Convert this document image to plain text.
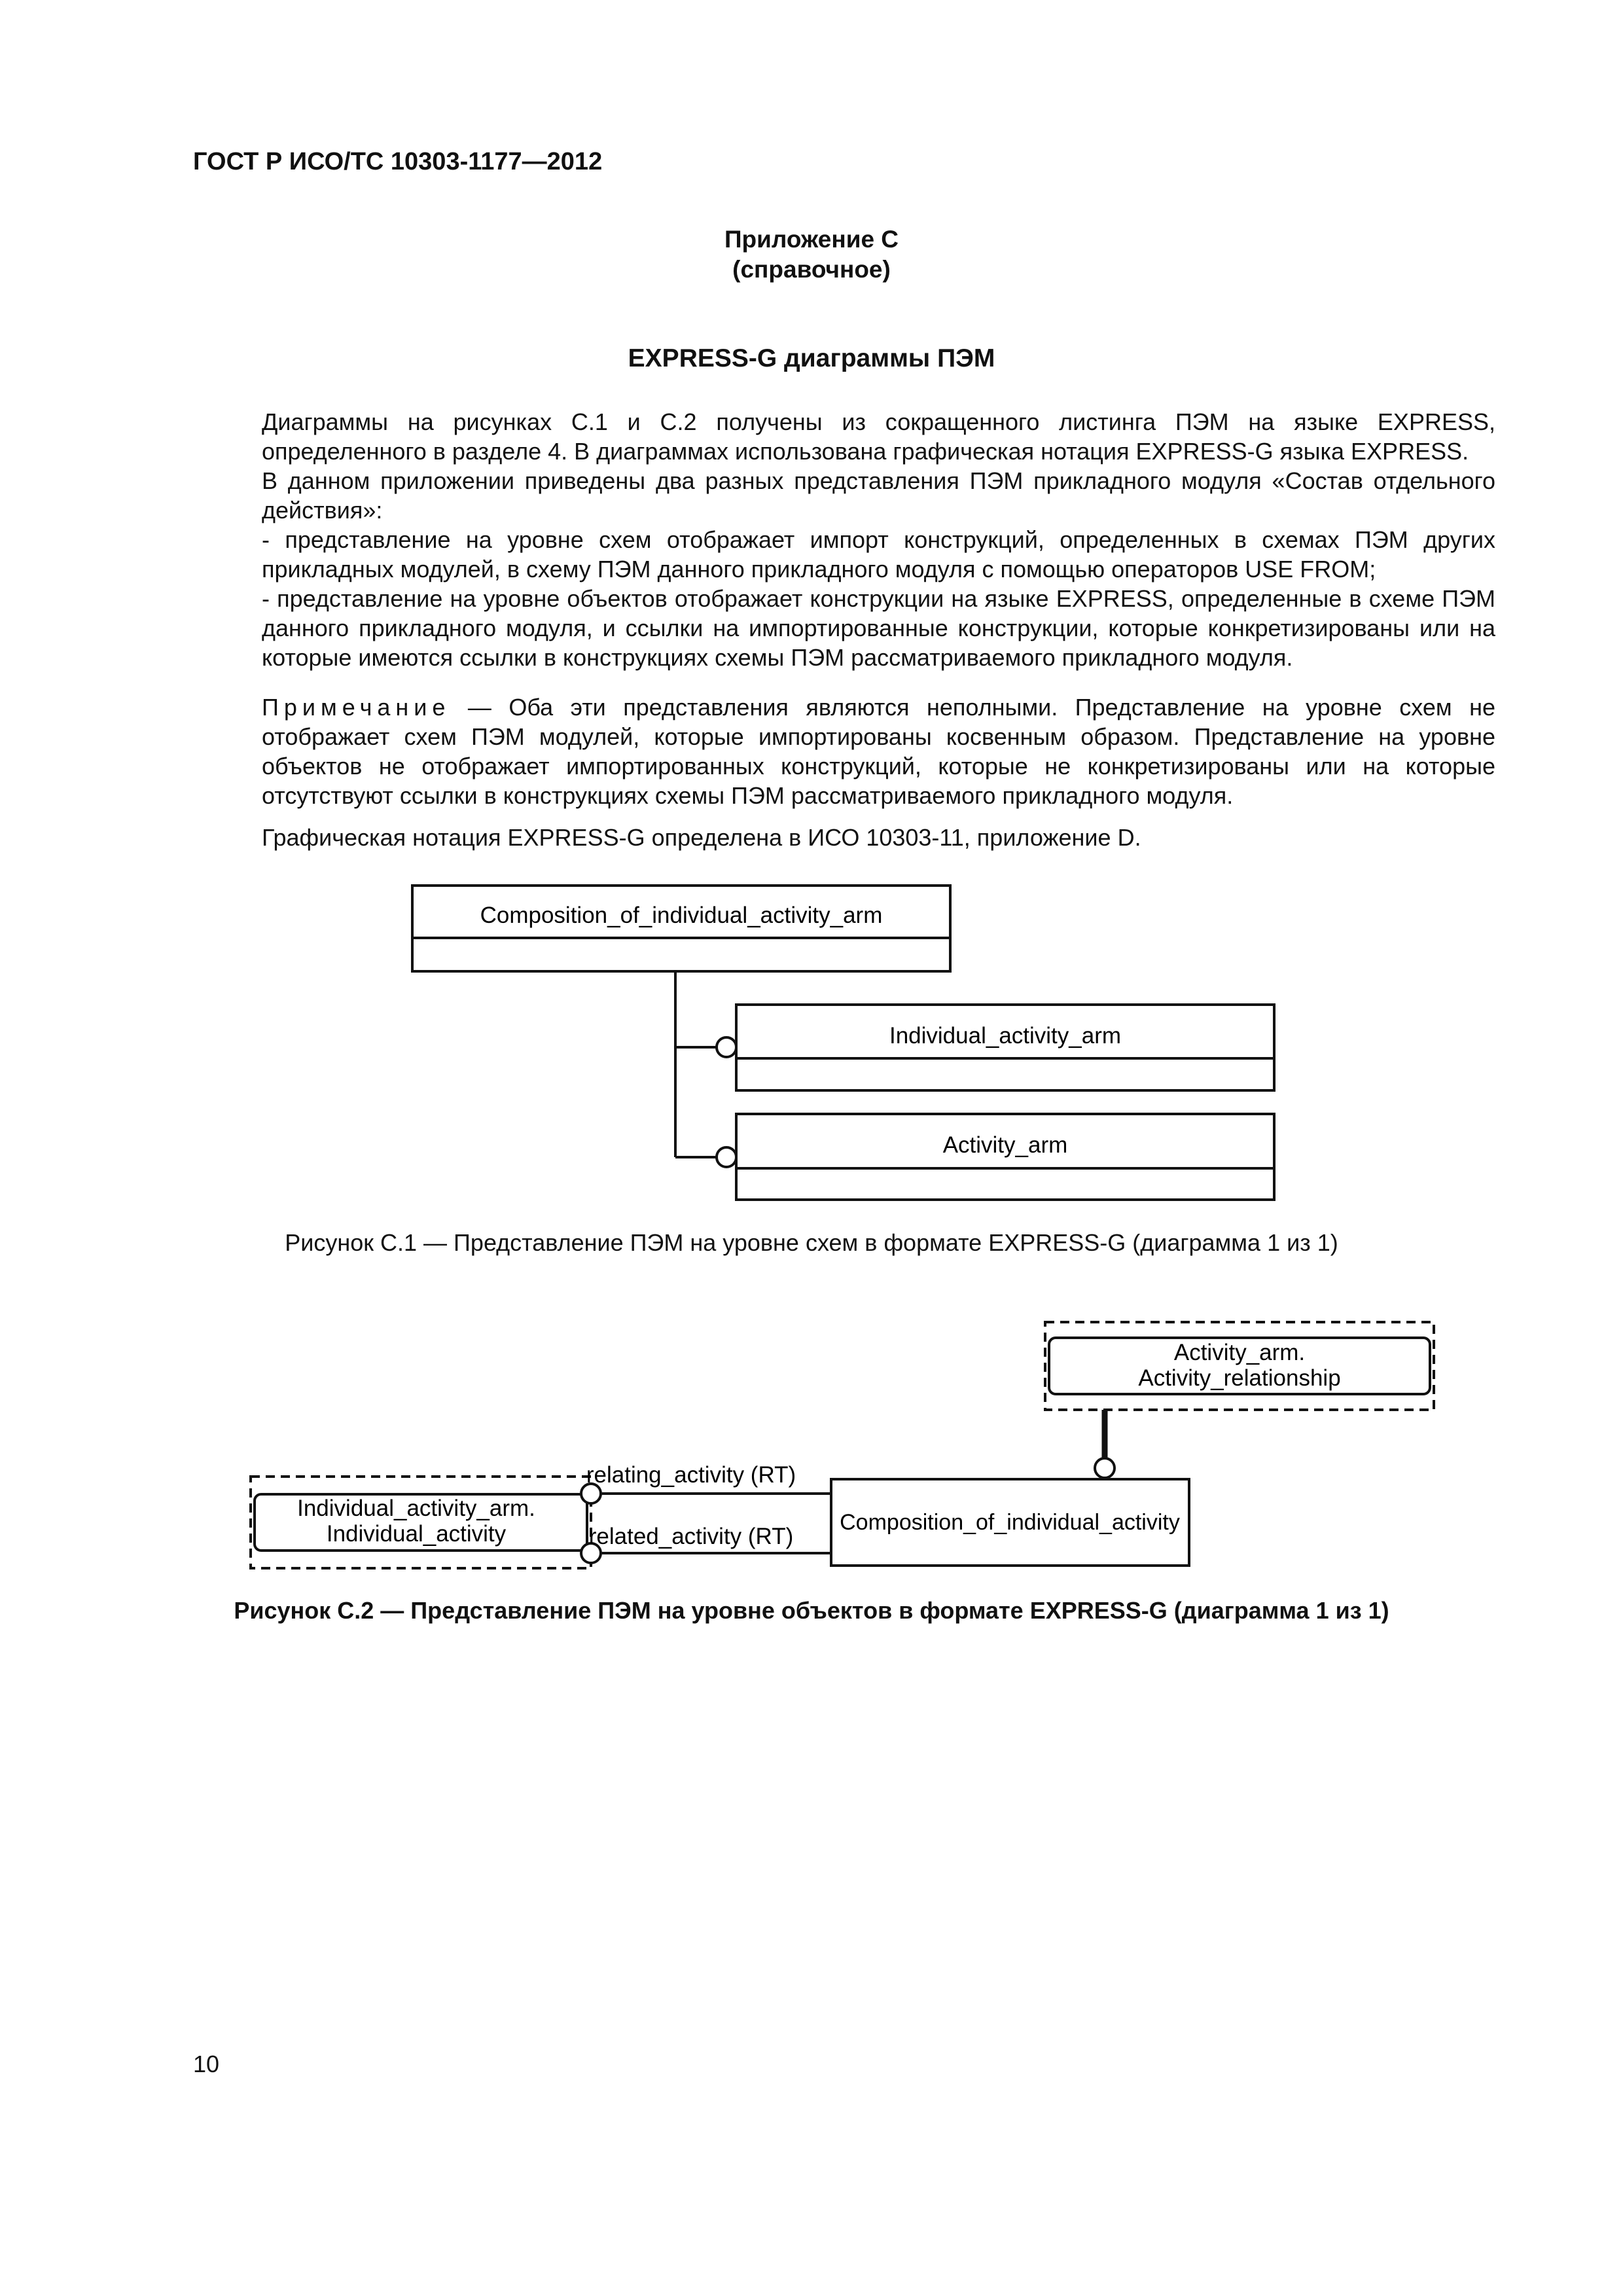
ГОСТ Р ИСО/ТС 10303-1177—2012
Приложение С
(справочное)
EXPRESS-G диаграммы ПЭМ
Диаграммы на рисунках С.1 и С.2 получены из сокращенного листинга ПЭМ на языке EXPRESS, определенного в разделе 4. В диаграммах использована графическая нотация EXPRESS-G языка EXPRESS.
В данном приложении приведены два разных представления ПЭМ прикладного модуля «Состав отдельного действия»:
- представление на уровне схем отображает импорт конструкций, определенных в схемах ПЭМ других прикладных модулей, в схему ПЭМ данного прикладного модуля с помощью операторов USE FROM;
- представление на уровне объектов отображает конструкции на языке EXPRESS, определенные в схеме ПЭМ данного прикладного модуля, и ссылки на импортированные конструкции, которые конкретизированы или на которые имеются ссылки в конструкциях схемы ПЭМ рассматриваемого прикладного модуля.
Примечание — Оба эти представления являются неполными. Представление на уровне схем не отображает схем ПЭМ модулей, которые импортированы косвенным образом. Представление на уровне объектов не отображает импортированных конструкций, которые не конкретизированы или на которые отсутствуют ссылки в конструкциях схемы ПЭМ рассматриваемого прикладного модуля.
Графическая нотация EXPRESS-G определена в ИСО 10303-11, приложение D.
Composition_of_individual_activity_arm
Individual_activity_arm
Activity_arm
Рисунок С.1 — Представление ПЭМ на уровне схем в формате EXPRESS-G (диаграмма 1 из 1)
Activity_arm.
Activity_relationship
Individual_activity_arm.
Individual_activity	Composition_of_individual_activity
relating_activity (RT)
related_activity (RT)
Рисунок С.2 — Представление ПЭМ на уровне объектов в формате EXPRESS-G (диаграмма 1 из 1)
10
